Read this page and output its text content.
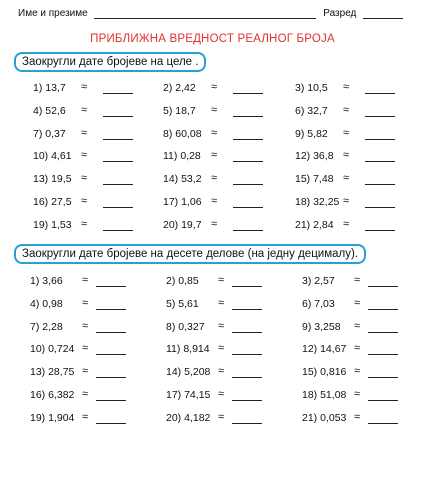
Име и презиме	Разред
ПРИБЛИЖНА ВРЕДНОСТ РЕАЛНОГ БРОЈА
Заокругли дате бројеве на целе .
Заокругли дате бројеве на десете делове (на једну децималу).
1) 13,7 ≈	2) 2,42 ≈	3) 10,5 ≈
4) 52,6 ≈	5) 18,7 ≈	6) 32,7 ≈
7) 0,37 ≈	8) 60,08 ≈	9) 5,82 ≈
10) 4,61 ≈	11) 0,28 ≈	12) 36,8 ≈
13) 19,5 ≈	14) 53,2 ≈	15) 7,48 ≈
16) 27,5 ≈	17) 1,06 ≈	18) 32,25 ≈
19) 1,53 ≈	20) 19,7 ≈	21) 2,84 ≈
1) 3,66 ≈	2) 0,85 ≈	3) 2,57 ≈
4) 0,98 ≈	5) 5,61 ≈	6) 7,03 ≈
7) 2,28 ≈	8) 0,327 ≈	9) 3,258 ≈
10) 0,724 ≈	11) 8,914 ≈	12) 14,67 ≈
13) 28,75 ≈	14) 5,208 ≈	15) 0,816 ≈
16) 6,382 ≈	17) 74,15 ≈	18) 51,08 ≈
19) 1,904 ≈	20) 4,182 ≈	21) 0,053 ≈
